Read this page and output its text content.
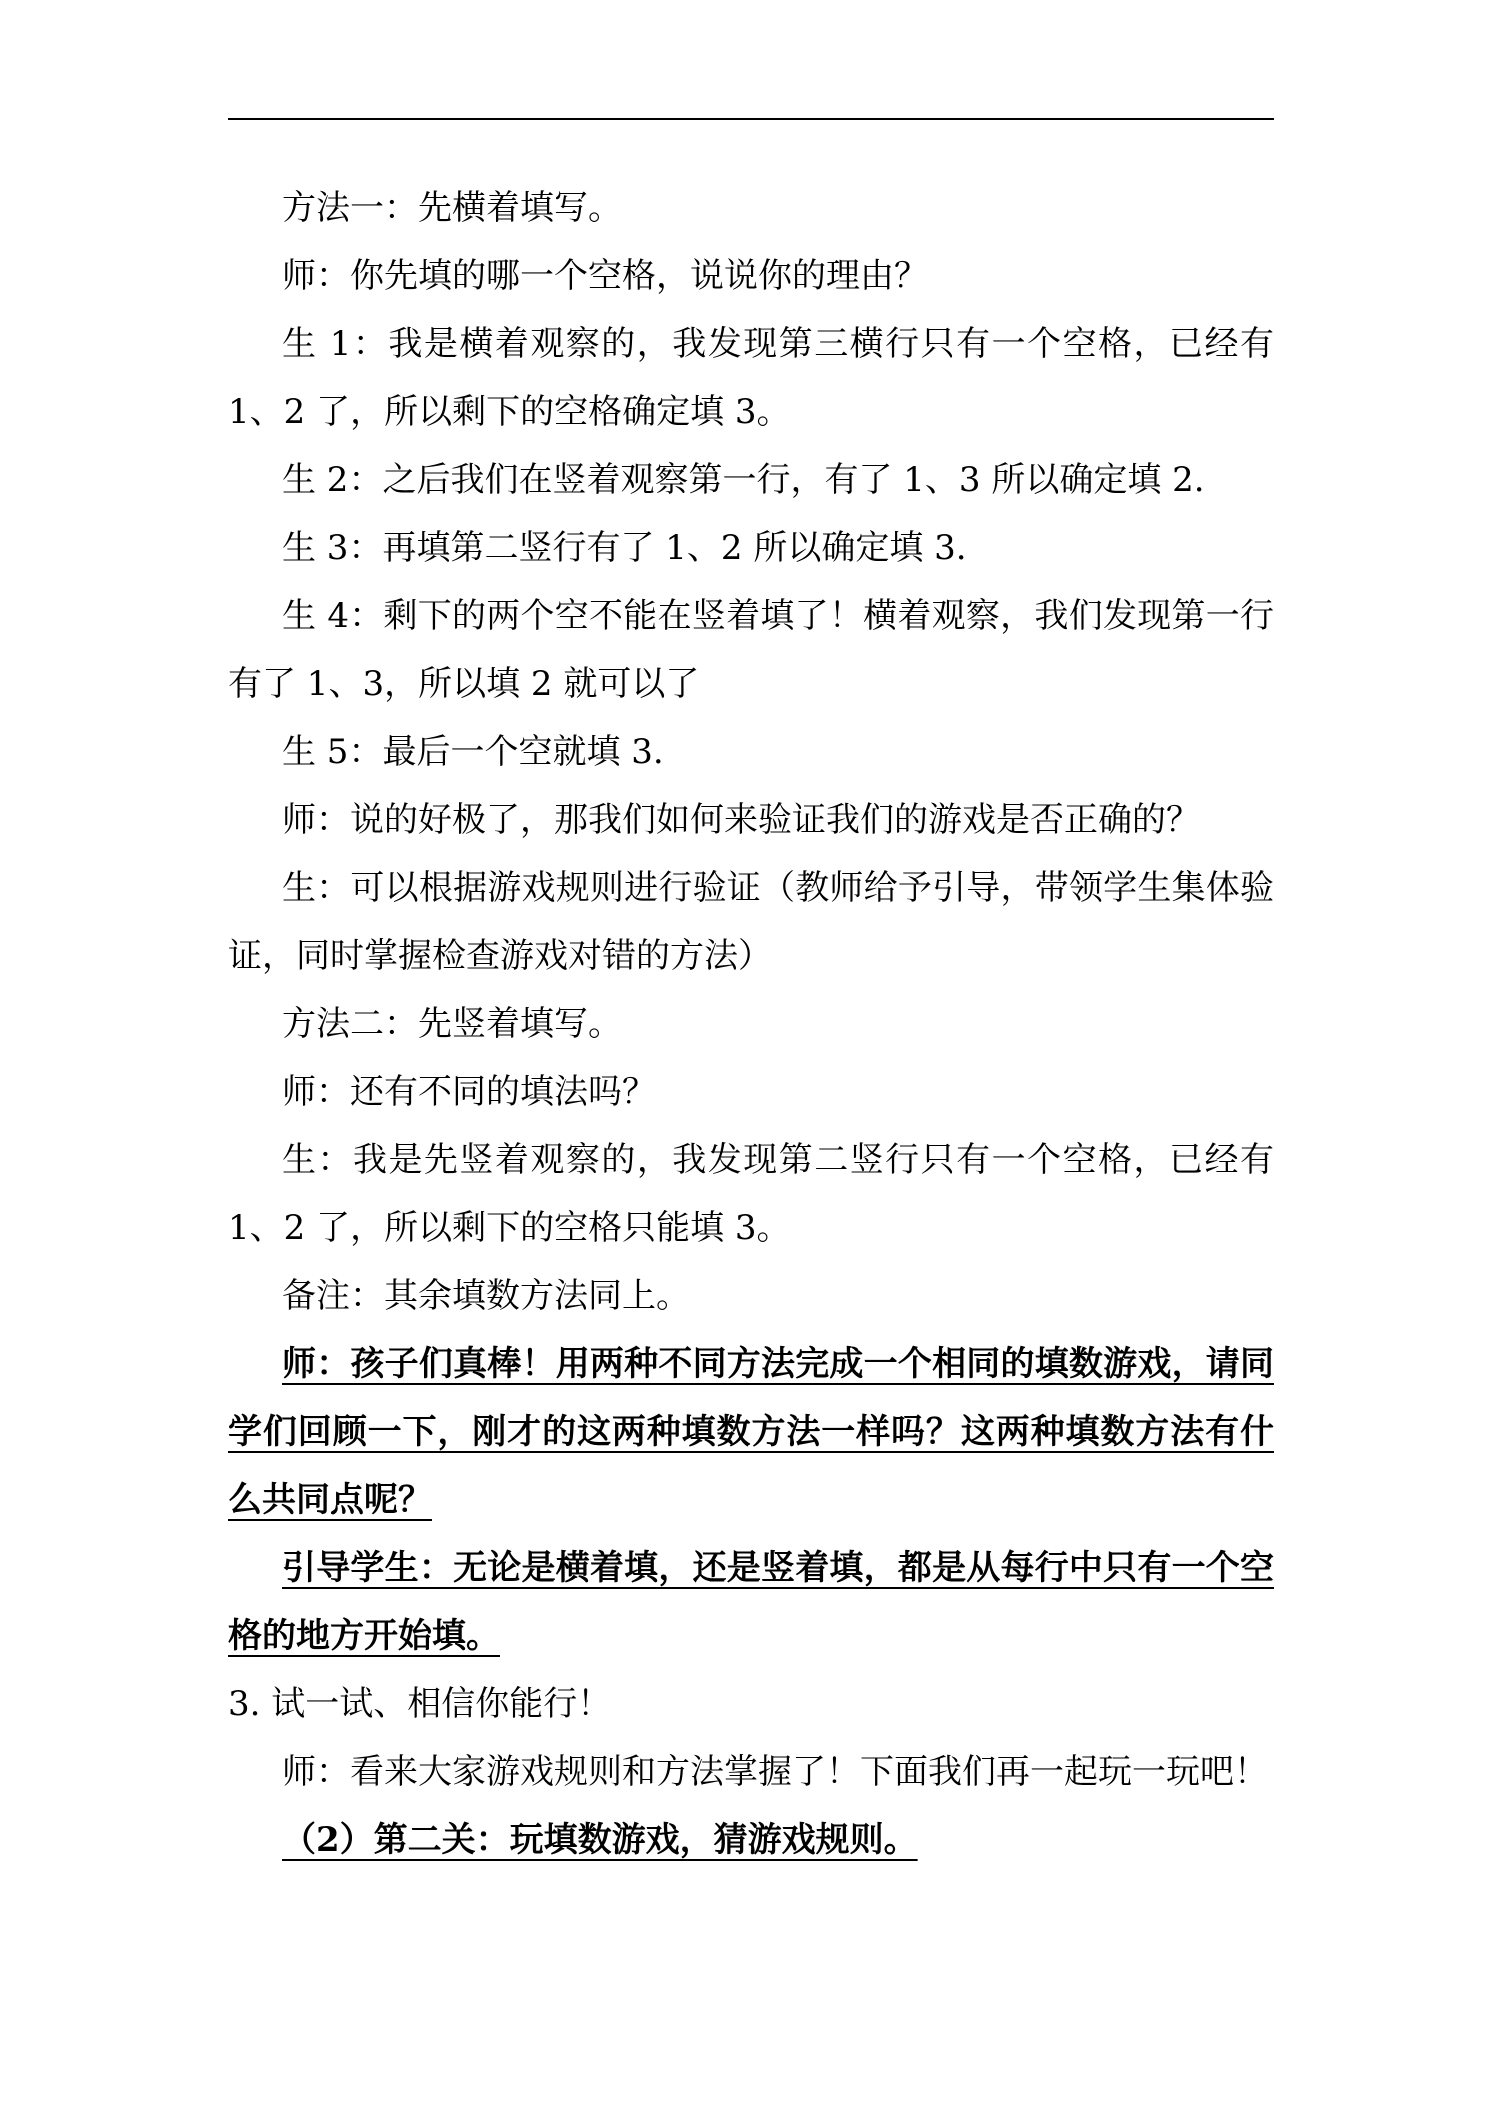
方法一：先横着填写。

师：你先填的哪一个空格，说说你的理由？

生 1：我是横着观察的，我发现第三横行只有一个空格，已经有 1、2 了，所以剩下的空格确定填 3。

生 2：之后我们在竖着观察第一行，有了 1、3 所以确定填 2.

生 3：再填第二竖行有了 1、2 所以确定填 3.

生 4：剩下的两个空不能在竖着填了！横着观察，我们发现第一行有了 1、3，所以填 2 就可以了

生 5：最后一个空就填 3.

师：说的好极了，那我们如何来验证我们的游戏是否正确的？

生：可以根据游戏规则进行验证（教师给予引导，带领学生集体验证，同时掌握检查游戏对错的方法）

方法二：先竖着填写。

师：还有不同的填法吗？

生：我是先竖着观察的，我发现第二竖行只有一个空格，已经有 1、2 了，所以剩下的空格只能填 3。

备注：其余填数方法同上。

师：孩子们真棒！用两种不同方法完成一个相同的填数游戏，请同学们回顾一下，刚才的这两种填数方法一样吗？这两种填数方法有什么共同点呢？

引导学生：无论是横着填，还是竖着填，都是从每行中只有一个空格的地方开始填。

3. 试一试、相信你能行！

师：看来大家游戏规则和方法掌握了！下面我们再一起玩一玩吧！

（2）第二关：玩填数游戏，猜游戏规则。
